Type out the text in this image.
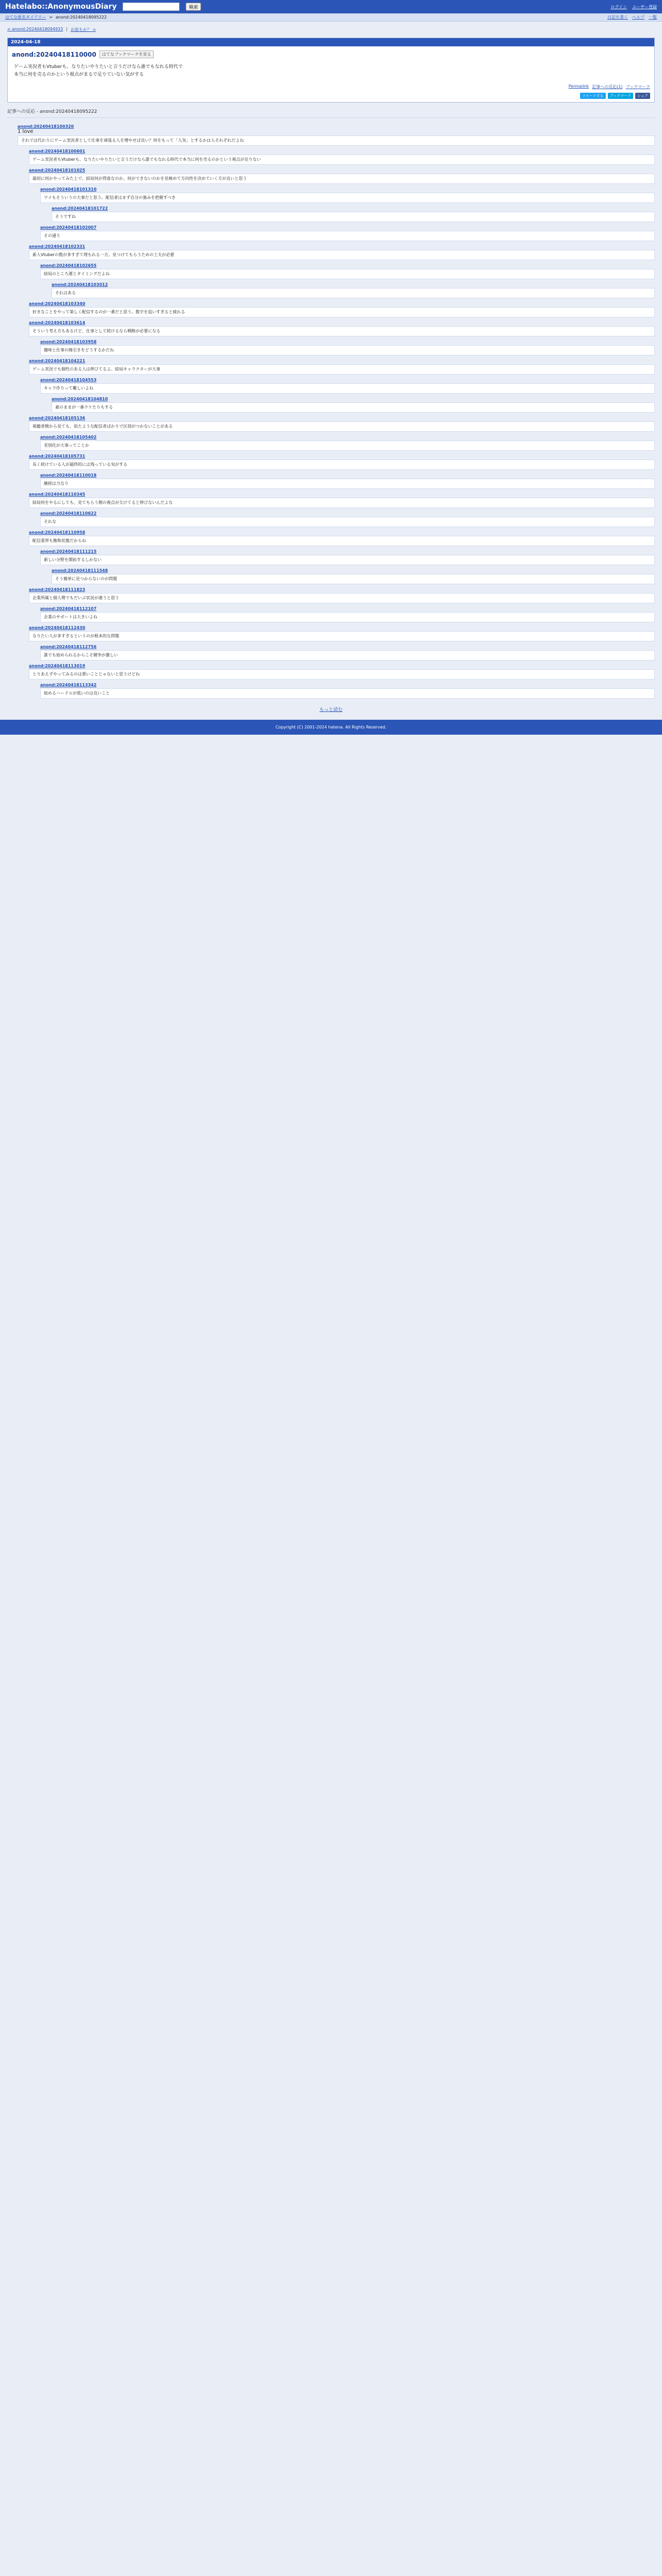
Hatelabo::AnonymousDiary	検索	ログイン ユーザー登録
はてな匿名ダイアリー > anond:20240418095222	日記を書く ヘルプ 一覧
< anond:20240418094933 | お前もか？ >
2024-04-18
anond:20240418110000	はてなブックマークを見る

ゲーム実況者もVtuberも、なりたいやりたいと言うだけなら誰でもなれる時代で

本当に何を売るのかという視点がまるで足りていない気がする

Permalink 記事への反応(1) ブックマーク
ツイートする	ブックマーク	シェア
記事への反応 - anond:20240418095222
anond:20240418100320
1 love
それでは代わりにゲーム実況者として仕事を頑張る人を増やせば良い？何をもって「人気」とするかは人それぞれだよね
anond:20240418100601
ゲーム実況者もVtuberも、なりたいやりたいと言うだけなら誰でもなれる時代で本当に何を売るのかという視点が足りない
anond:20240418101025
最初に何かやってみた上で、結局何が得意なのか、何ができないのかを見極めて方向性を決めていく方が良いと思う
anond:20240418101310
ワイもそういうの大事だと思う。配信者はまず自分の強みを把握すべき
anond:20240418101722
そうですね
anond:20240418102007
その通り
anond:20240418102331
新人Vtuberの数が多すぎて埋もれる一方。見つけてもらうための工夫が必要
anond:20240418102655
結局のところ運とタイミングだよね
anond:20240418103012
それはある
anond:20240418103340
好きなことをやって楽しく配信するのが一番だと思う。数字を追いすぎると疲れる
anond:20240418103614
そういう考え方もあるけど、仕事として続けるなら戦略が必要になる
anond:20240418103958
趣味と仕事の線引きをどうするかだね
anond:20240418104221
ゲーム実況でも個性のある人は伸びてるよ。結局キャラクターが大事
anond:20240418104553
キャラ作りって難しいよね
anond:20240418104810
素のままが一番ウケたりもする
anond:20240418105136
視聴者側から見ても、似たような配信者ばかりで区別がつかないことがある
anond:20240418105402
差別化が大事ってことか
anond:20240418105731
長く続けている人が最終的には残っている気がする
anond:20240418110018
継続は力なり
anond:20240418110345
結局何をやるにしても、見てもらう側の視点が欠けてると伸びないんだよな
anond:20240418110622
それな
anond:20240418110958
配信業界も飽和状態だからね
anond:20240418111215
新しい分野を開拓するしかない
anond:20240418111548
そう簡単に見つからないのが問題
anond:20240418111823
企業所属と個人勢でもだいぶ状況が違うと思う
anond:20240418112107
企業のサポートは大きいよね
anond:20240418112430
なりたい人が多すぎるというのが根本的な問題
anond:20240418112756
誰でも始められるからこそ競争が激しい
anond:20240418113019
とりあえずやってみるのは悪いことじゃないと思うけどね
anond:20240418113342
始めるハードルが低いのは良いこと
もっと読む
Copyright (C) 2001-2024 hatena. All Rights Reserved.
